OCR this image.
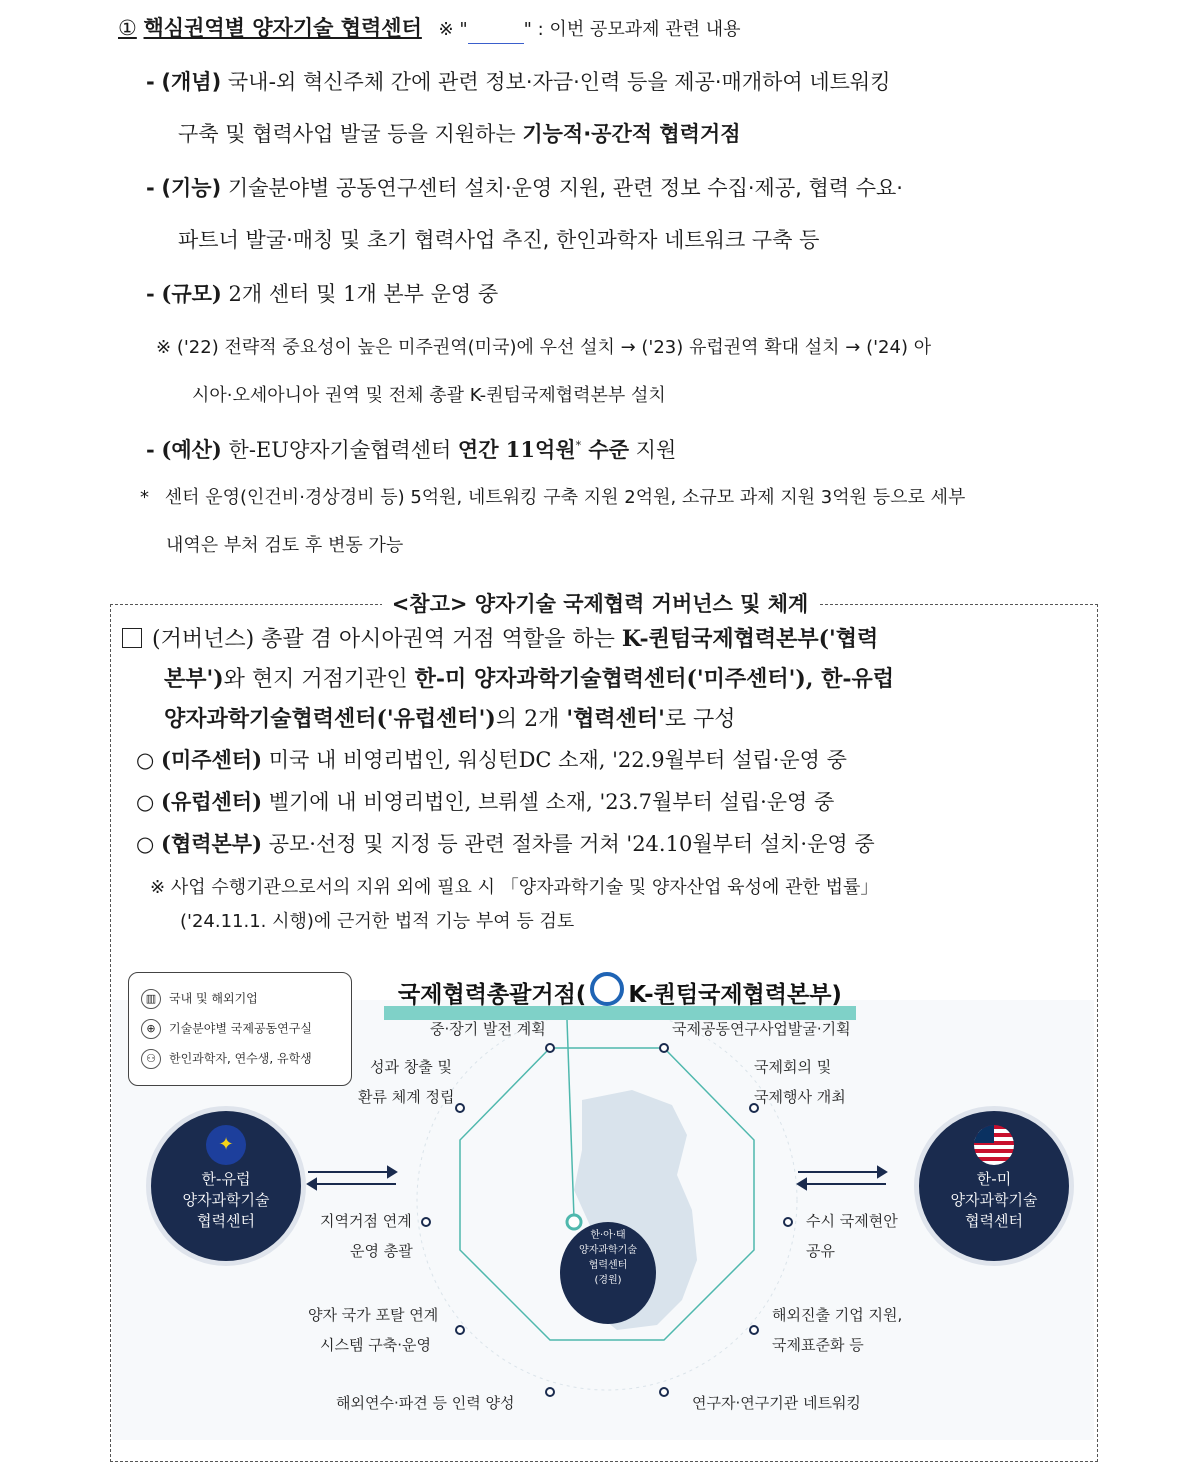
① 핵심권역별 양자기술 협력센터 ※ "	" : 이번 공모과제 관련 내용
- (개념) 국내-외 혁신주체 간에 관련 정보·자금·인력 등을 제공·매개하여 네트워킹
구축 및 협력사업 발굴 등을 지원하는 기능적·공간적 협력거점
- (기능) 기술분야별 공동연구센터 설치·운영 지원, 관련 정보 수집·제공, 협력 수요·
파트너 발굴·매칭 및 초기 협력사업 추진, 한인과학자 네트워크 구축 등
- (규모) 2개 센터 및 1개 본부 운영 중
※ ('22) 전략적 중요성이 높은 미주권역(미국)에 우선 설치 → ('23) 유럽권역 확대 설치 → ('24) 아
시아·오세아니아 권역 및 전체 총괄 K-퀀텀국제협력본부 설치
- (예산) 한-EU양자기술협력센터 연간 11억원* 수준 지원
* 센터 운영(인건비·경상경비 등) 5억원, 네트워킹 구축 지원 2억원, 소규모 과제 지원 3억원 등으로 세부
내역은 부처 검토 후 변동 가능
<참고> 양자기술 국제협력 거버넌스 및 체계
(거버넌스) 총괄 겸 아시아권역 거점 역할을 하는 K-퀀텀국제협력본부('협력
본부')와 현지 거점기관인 한-미 양자과학기술협력센터('미주센터'), 한-유럽
양자과학기술협력센터('유럽센터')의 2개 '협력센터'로 구성
○ (미주센터) 미국 내 비영리법인, 워싱턴DC 소재, '22.9월부터 설립·운영 중
○ (유럽센터) 벨기에 내 비영리법인, 브뤼셀 소재, '23.7월부터 설립·운영 중
○ (협력본부) 공모·선정 및 지정 등 관련 절차를 거쳐 '24.10월부터 설치·운영 중
※ 사업 수행기관으로서의 지위 외에 필요 시 「양자과학기술 및 양자산업 육성에 관한 법률」
('24.11.1. 시행)에 근거한 법적 기능 부여 등 검토
▥ 국내 및 해외기업
⊕ 기술분야별 국제공동연구실
⚇ 한인과학자, 연수생, 유학생
국제협력총괄거점( K-퀀텀국제협력본부)
중·장기 발전 계획	국제공동연구사업발굴·기획
성과 창출 및
환류 체계 정립
국제회의 및
국제행사 개최
지역거점 연계
운영 총괄
수시 국제현안
공유
양자 국가 포탈 연계
시스템 구축·운영
해외진출 기업 지원,
국제표준화 등
해외연수·파견 등 인력 양성	연구자·연구기관 네트워킹
✦
한-유럽
양자과학기술
협력센터
한-미
양자과학기술
협력센터
한·아·태
양자과학기술
협력센터
(경원)
